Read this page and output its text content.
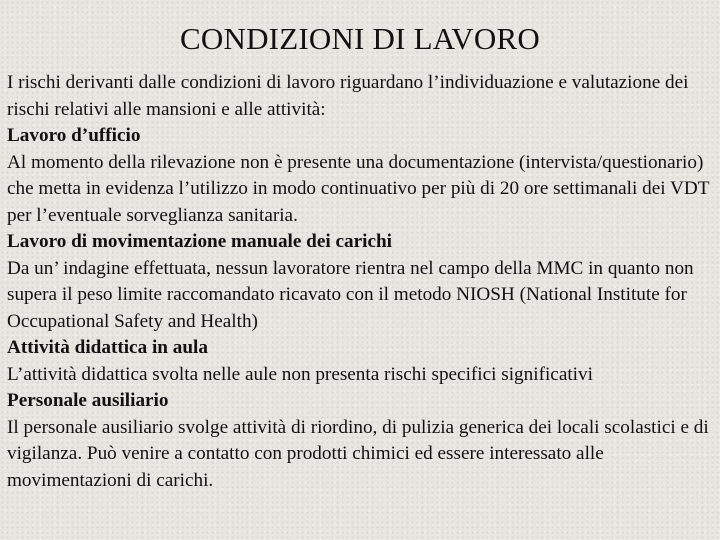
CONDIZIONI DI LAVORO

I rischi derivanti dalle condizioni di lavoro riguardano l’individuazione e valutazione dei rischi relativi alle mansioni e alle attività:

Lavoro d’ufficio

Al momento della rilevazione non è presente una documentazione (intervista/questionario) che metta in evidenza l’utilizzo in modo continuativo per più di 20 ore settimanali dei VDT per l’eventuale sorveglianza sanitaria.

Lavoro di movimentazione manuale dei carichi

Da un’ indagine effettuata, nessun lavoratore rientra nel campo della MMC in quanto non supera il peso limite raccomandato ricavato con il metodo NIOSH (National Institute for Occupational Safety and Health)

Attività didattica in aula

L’attività didattica svolta nelle aule non presenta rischi specifici significativi

Personale ausiliario

Il personale ausiliario svolge attività di riordino, di pulizia generica dei locali scolastici e di vigilanza. Può venire a contatto con prodotti chimici ed essere interessato alle movimentazioni di carichi.
